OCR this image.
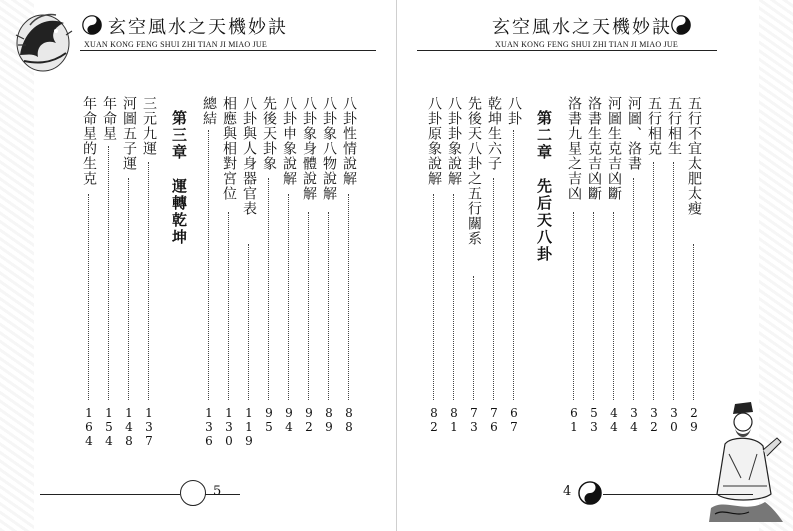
玄空風水之天機妙訣
XUAN KONG FENG SHUI ZHI TIAN JI MIAO JUE
八卦性情說解
8
8
八卦象八物說解
8
9
八卦象身體說解
9
2
八卦申象說解
9
4
先後天卦象
9
5
八卦與人身器官表
1
1
9
相應與相對宮位
1
3
0
總結
1
3
6
第三章　運轉乾坤
三元九運
1
3
7
河圖五子運
1
4
8
年命星
1
5
4
年命星的生克
1
6
4
5
玄空風水之天機妙訣
XUAN KONG FENG SHUI ZHI TIAN JI MIAO JUE
五行不宜太肥太瘦
2
9
五行相生
3
0
五行相克
3
2
河圖、洛書
3
4
河圖生克吉凶斷
4
4
洛書生克吉凶斷
5
3
洛書九星之吉凶
6
1
第二章　先后天八卦
八卦
6
7
乾坤生六子
7
6
先後天八卦之五行關系
7
3
八卦卦象說解
8
1
八卦原象說解
8
2
4
